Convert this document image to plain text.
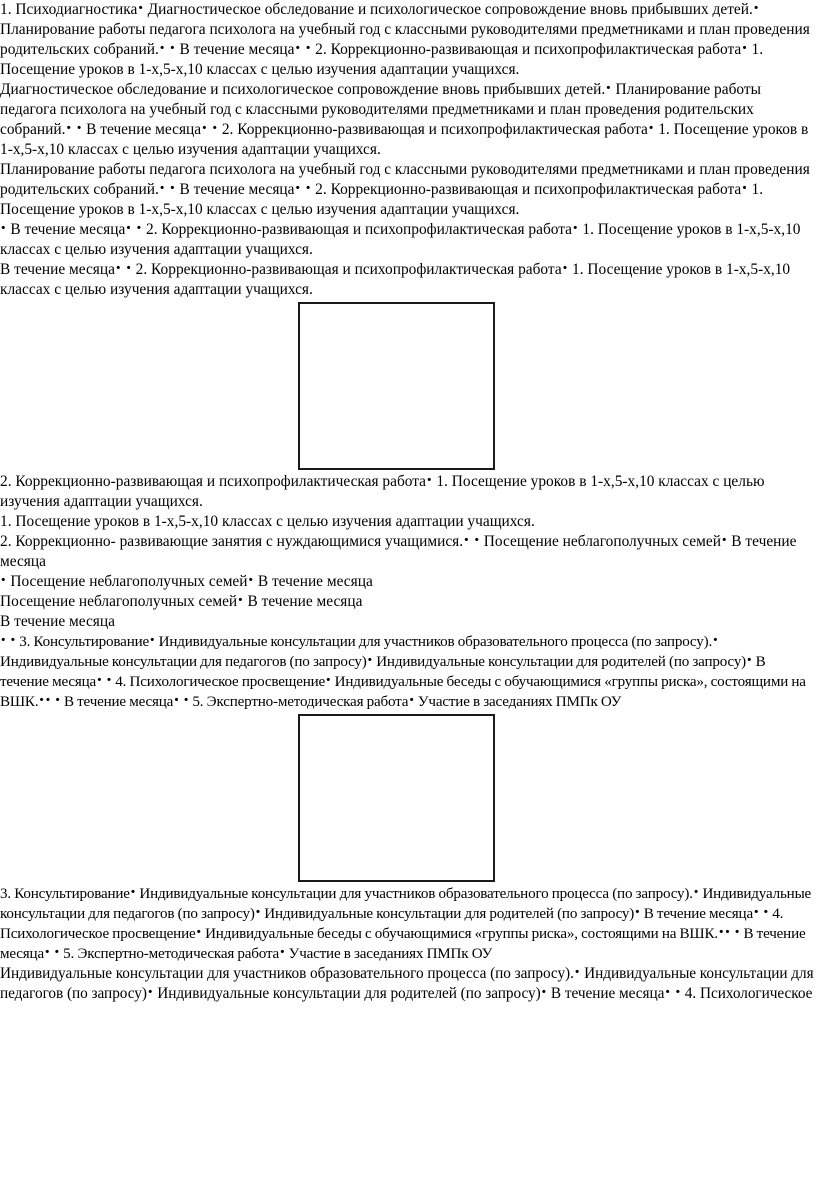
1. Психодиагностика• Диагностическое обследование и психологическое сопровождение вновь прибывших детей.• Планирование работы педагога психолога на учебный год с классными руководителями предметниками и план проведения родительских собраний.• • В течение месяца• • 2. Коррекционно-развивающая и психопрофилактическая работа• 1. Посещение уроков в 1-х,5-х,10 классах с целью изучения адаптации учащихся.

Диагностическое обследование и психологическое сопровождение вновь прибывших детей.• Планирование работы педагога психолога на учебный год с классными руководителями предметниками и план проведения родительских собраний.• • В течение месяца• • 2. Коррекционно-развивающая и психопрофилактическая работа• 1. Посещение уроков в 1-х,5-х,10 классах с целью изучения адаптации учащихся.

Планирование работы педагога психолога на учебный год с классными руководителями предметниками и план проведения родительских собраний.• • В течение месяца• • 2. Коррекционно-развивающая и психопрофилактическая работа• 1. Посещение уроков в 1-х,5-х,10 классах с целью изучения адаптации учащихся.

• В течение месяца• • 2. Коррекционно-развивающая и психопрофилактическая работа• 1. Посещение уроков в 1-х,5-х,10 классах с целью изучения адаптации учащихся.

В течение месяца• • 2. Коррекционно-развивающая и психопрофилактическая работа• 1. Посещение уроков в 1-х,5-х,10 классах с целью изучения адаптации учащихся.

2. Коррекционно-развивающая и психопрофилактическая работа• 1. Посещение уроков в 1-х,5-х,10 классах с целью изучения адаптации учащихся.

1. Посещение уроков в 1-х,5-х,10 классах с целью изучения адаптации учащихся.

2. Коррекционно- развивающие занятия с нуждающимися учащимися.• • Посещение неблагополучных семей• В течение месяца

• Посещение неблагополучных семей• В течение месяца

Посещение неблагополучных семей• В течение месяца

В течение месяца

• • 3. Консультирование• Индивидуальные консультации для участников образовательного процесса (по запросу).• Индивидуальные консультации для педагогов (по запросу)• Индивидуальные консультации для родителей (по запросу)• В течение месяца• • 4. Психологическое просвещение• Индивидуальные беседы с обучающимися «группы риска», состоящими на ВШК.•• • В течение месяца• • 5. Экспертно-методическая работа• Участие в заседаниях ПМПк ОУ

3. Консультирование• Индивидуальные консультации для участников образовательного процесса (по запросу).• Индивидуальные консультации для педагогов (по запросу)• Индивидуальные консультации для родителей (по запросу)• В течение месяца• • 4. Психологическое просвещение• Индивидуальные беседы с обучающимися «группы риска», состоящими на ВШК.•• • В течение месяца• • 5. Экспертно-методическая работа• Участие в заседаниях ПМПк ОУ

Индивидуальные консультации для участников образовательного процесса (по запросу).• Индивидуальные консультации для педагогов (по запросу)• Индивидуальные консультации для родителей (по запросу)• В течение месяца• • 4. Психологическое
